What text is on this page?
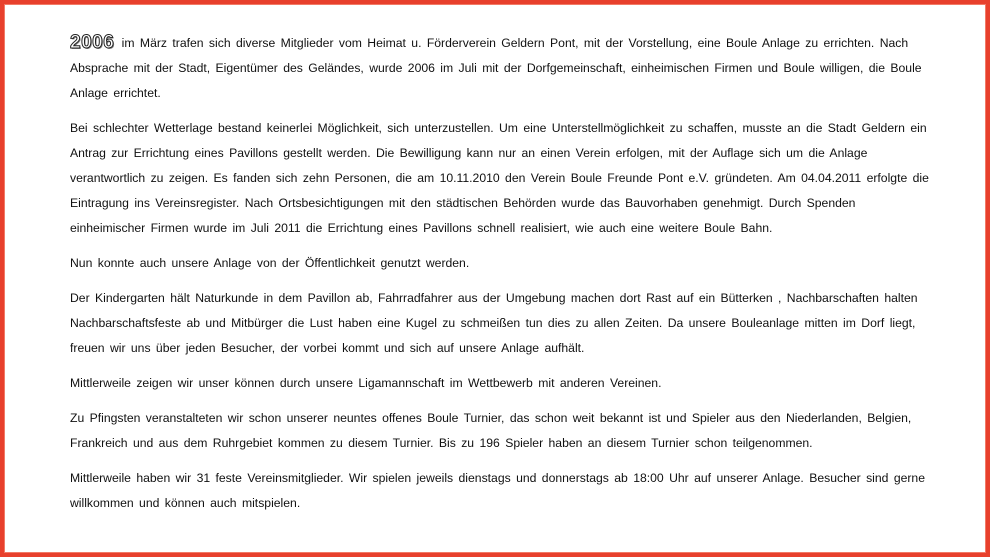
2006 im März trafen sich diverse Mitglieder vom Heimat u. Förderverein Geldern Pont, mit der Vorstellung, eine Boule Anlage zu errichten. Nach Absprache mit der Stadt, Eigentümer des Geländes, wurde 2006 im Juli mit der Dorfgemeinschaft, einheimischen Firmen und Boule willigen, die Boule Anlage errichtet.

Bei schlechter Wetterlage bestand keinerlei Möglichkeit, sich unterzustellen. Um eine Unterstellmöglichkeit zu schaffen, musste an die Stadt Geldern ein Antrag zur Errichtung eines Pavillons gestellt werden. Die Bewilligung kann nur an einen Verein erfolgen, mit der Auflage sich um die Anlage verantwortlich zu zeigen. Es fanden sich zehn Personen, die am 10.11.2010 den Verein Boule Freunde Pont e.V. gründeten. Am 04.04.2011 erfolgte die Eintragung ins Vereinsregister. Nach Ortsbesichtigungen mit den städtischen Behörden wurde das Bauvorhaben genehmigt. Durch Spenden einheimischer Firmen wurde im Juli 2011 die Errichtung eines Pavillons schnell realisiert, wie auch eine weitere Boule Bahn.

Nun konnte auch unsere Anlage von der Öffentlichkeit genutzt werden.

Der Kindergarten hält Naturkunde in dem Pavillon ab, Fahrradfahrer aus der Umgebung machen dort Rast auf ein Bütterken , Nachbarschaften halten Nachbarschaftsfeste ab und Mitbürger die Lust haben eine Kugel zu schmeißen tun dies zu allen Zeiten. Da unsere Bouleanlage mitten im Dorf liegt, freuen wir uns über jeden Besucher, der vorbei kommt und sich auf unsere Anlage aufhält.

Mittlerweile zeigen wir unser können durch unsere Ligamannschaft im Wettbewerb mit anderen Vereinen.

Zu Pfingsten veranstalteten wir schon unserer neuntes offenes Boule Turnier, das schon weit bekannt ist und Spieler aus den Niederlanden, Belgien, Frankreich und aus dem Ruhrgebiet kommen zu diesem Turnier. Bis zu 196 Spieler haben an diesem Turnier schon teilgenommen.

Mittlerweile haben wir 31 feste Vereinsmitglieder. Wir spielen jeweils dienstags und donnerstags ab 18:00 Uhr auf unserer Anlage. Besucher sind gerne willkommen und können auch mitspielen.
